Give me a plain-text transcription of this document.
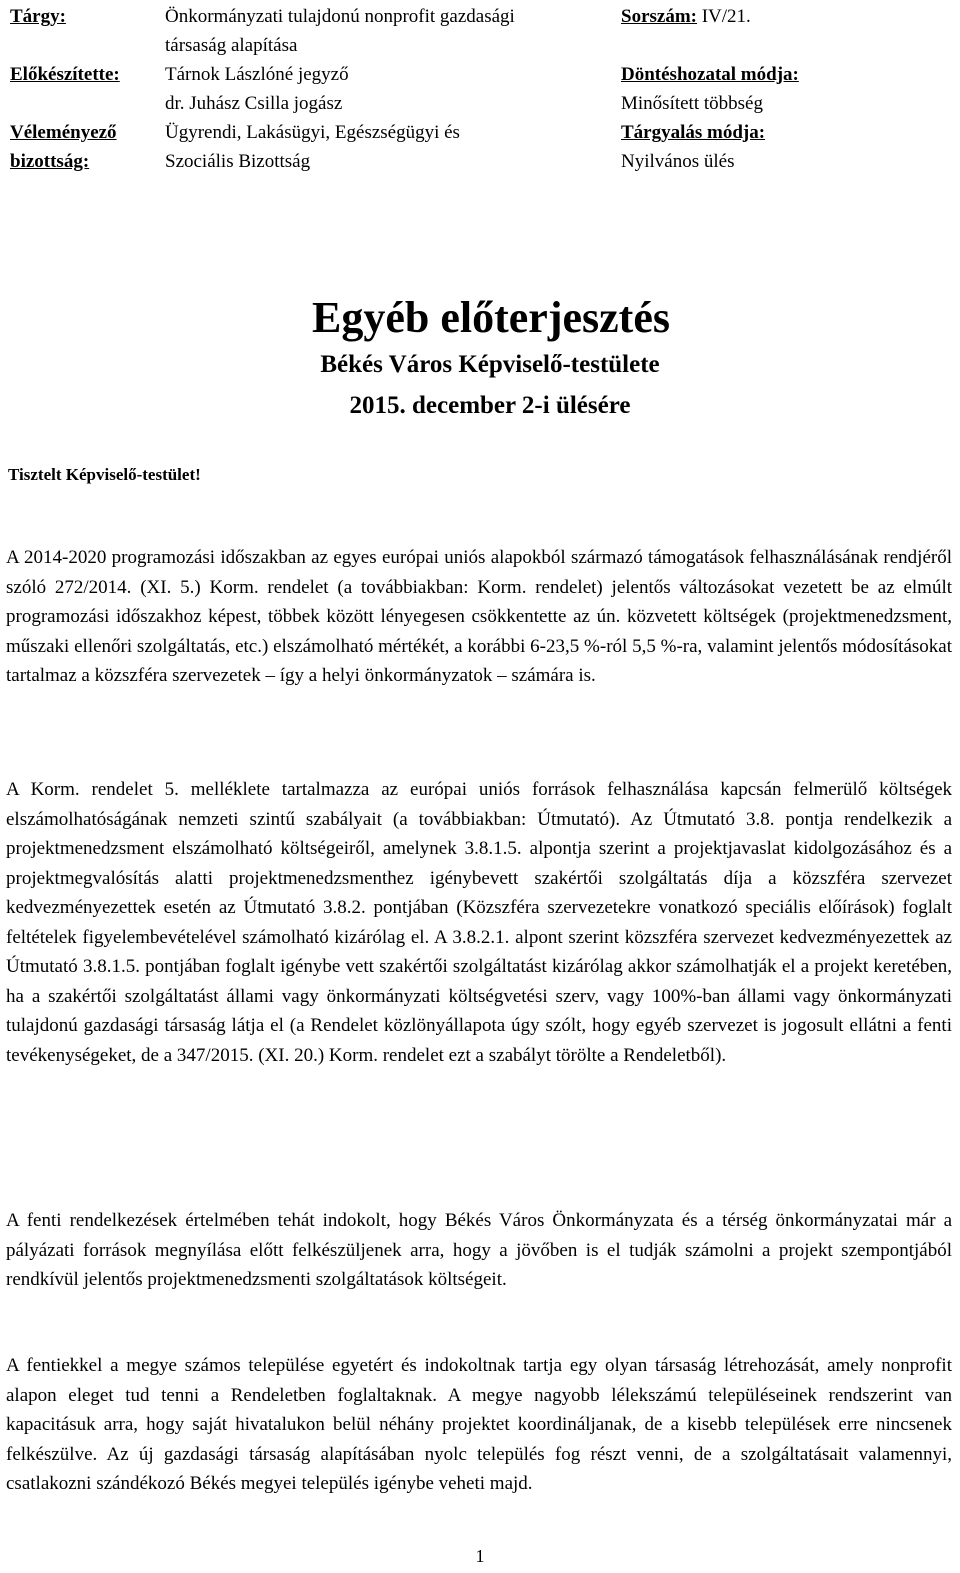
Tárgy:	Önkormányzati tulajdonú nonprofit gazdasági
társaság alapítása
Előkészítette: Tárnok Lászlóné jegyző
dr. Juhász Csilla jogász
Véleményező
bizottság:
Ügyrendi, Lakásügyi, Egészségügyi és
Szociális Bizottság
Sorszám: IV/21.
Döntéshozatal módja:
Minősített többség
Tárgyalás módja:
Nyilvános ülés
Egyéb előterjesztés
Békés Város Képviselő-testülete
2015. december 2-i ülésére
Tisztelt Képviselő-testület!

A 2014-2020 programozási időszakban az egyes európai uniós alapokból származó támogatások felhasználásának rendjéről szóló 272/2014. (XI. 5.) Korm. rendelet (a továbbiakban: Korm. rendelet) jelentős változásokat vezetett be az elmúlt programozási időszakhoz képest, többek között lényegesen csökkentette az ún. közvetett költségek (projektmenedzsment, műszaki ellenőri szolgáltatás, etc.) elszámolható mértékét, a korábbi 6-23,5 %-ról 5,5 %-ra, valamint jelentős módosításokat tartalmaz a közszféra szervezetek – így a helyi önkormányzatok – számára is.

A Korm. rendelet 5. melléklete tartalmazza az európai uniós források felhasználása kapcsán felmerülő költségek elszámolhatóságának nemzeti szintű szabályait (a továbbiakban: Útmutató). Az Útmutató 3.8. pontja rendelkezik a projektmenedzsment elszámolható költségeiről, amelynek 3.8.1.5. alpontja szerint a projektjavaslat kidolgozásához és a projektmegvalósítás alatti projektmenedzsmenthez igénybevett szakértői szolgáltatás díja a közszféra szervezet kedvezményezettek esetén az Útmutató 3.8.2. pontjában (Közszféra szervezetekre vonatkozó speciális előírások) foglalt feltételek figyelembevételével számolható kizárólag el. A 3.8.2.1. alpont szerint közszféra szervezet kedvezményezettek az Útmutató 3.8.1.5. pontjában foglalt igénybe vett szakértői szolgáltatást kizárólag akkor számolhatják el a projekt keretében, ha a szakértői szolgáltatást állami vagy önkormányzati költségvetési szerv, vagy 100%-ban állami vagy önkormányzati tulajdonú gazdasági társaság látja el (a Rendelet közlönyállapota úgy szólt, hogy egyéb szervezet is jogosult ellátni a fenti tevékenységeket, de a 347/2015. (XI. 20.) Korm. rendelet ezt a szabályt törölte a Rendeletből).

A fenti rendelkezések értelmében tehát indokolt, hogy Békés Város Önkormányzata és a térség önkormányzatai már a pályázati források megnyílása előtt felkészüljenek arra, hogy a jövőben is el tudják számolni a projekt szempontjából rendkívül jelentős projektmenedzsmenti szolgáltatások költségeit.

A fentiekkel a megye számos települése egyetért és indokoltnak tartja egy olyan társaság létrehozását, amely nonprofit alapon eleget tud tenni a Rendeletben foglaltaknak. A megye nagyobb lélekszámú településeinek rendszerint van kapacitásuk arra, hogy saját hivatalukon belül néhány projektet koordináljanak, de a kisebb települések erre nincsenek felkészülve. Az új gazdasági társaság alapításában nyolc település fog részt venni, de a szolgáltatásait valamennyi, csatlakozni szándékozó Békés megyei település igénybe veheti majd.

1
